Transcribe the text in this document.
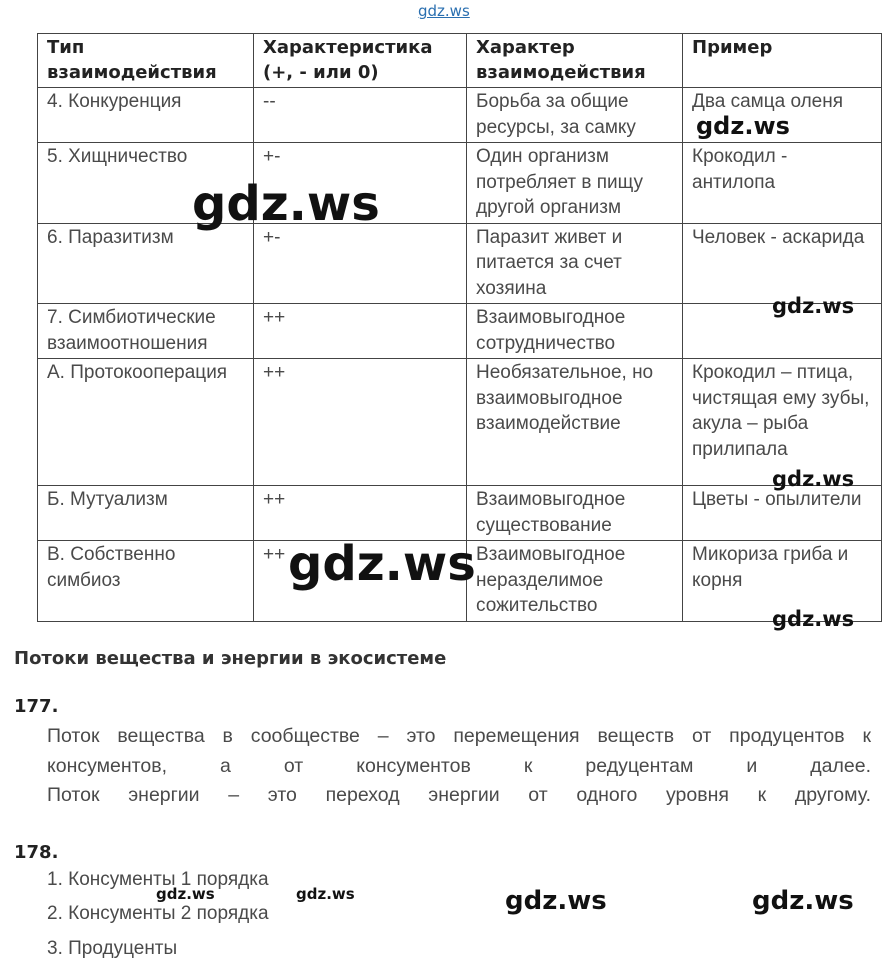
gdz.ws
Тип взаимодействия	Характеристика (+, - или 0)	Характер взаимодействия	Пример
4. Конкуренция	--	Борьба за общие ресурсы, за самку	Два самца оленя
5. Хищничество	+-	Один организм потребляет в пищу другой организм	Крокодил - антилопа
6. Паразитизм	+-	Паразит живет и питается за счет хозяина	Человек - аскарида
7. Симбиотические взаимоотношения	++	Взаимовыгодное сотрудничество	
А. Протокооперация	++	Необязательное, но взаимовыгодное взаимодействие	Крокодил – птица, чистящая ему зубы, акула – рыба прилипала
Б. Мутуализм	++	Взаимовыгодное существование	Цветы - опылители
В. Собственно симбиоз	++	Взаимовыгодное неразделимое сожительство	Микориза гриба и корня
gdz.ws
gdz.ws
gdz.ws
gdz.ws
gdz.ws
gdz.ws
Потоки вещества и энергии в экосистеме
177.
Поток вещества в сообществе – это перемещения веществ от продуцентов к
консументов, а от консументов к редуцентам и далее.
Поток энергии – это переход энергии от одного уровня к другому.
178.
1. Консументы 1 порядка
2. Консументы 2 порядка
3. Продуценты
gdz.ws	gdz.ws	gdz.ws	gdz.ws
